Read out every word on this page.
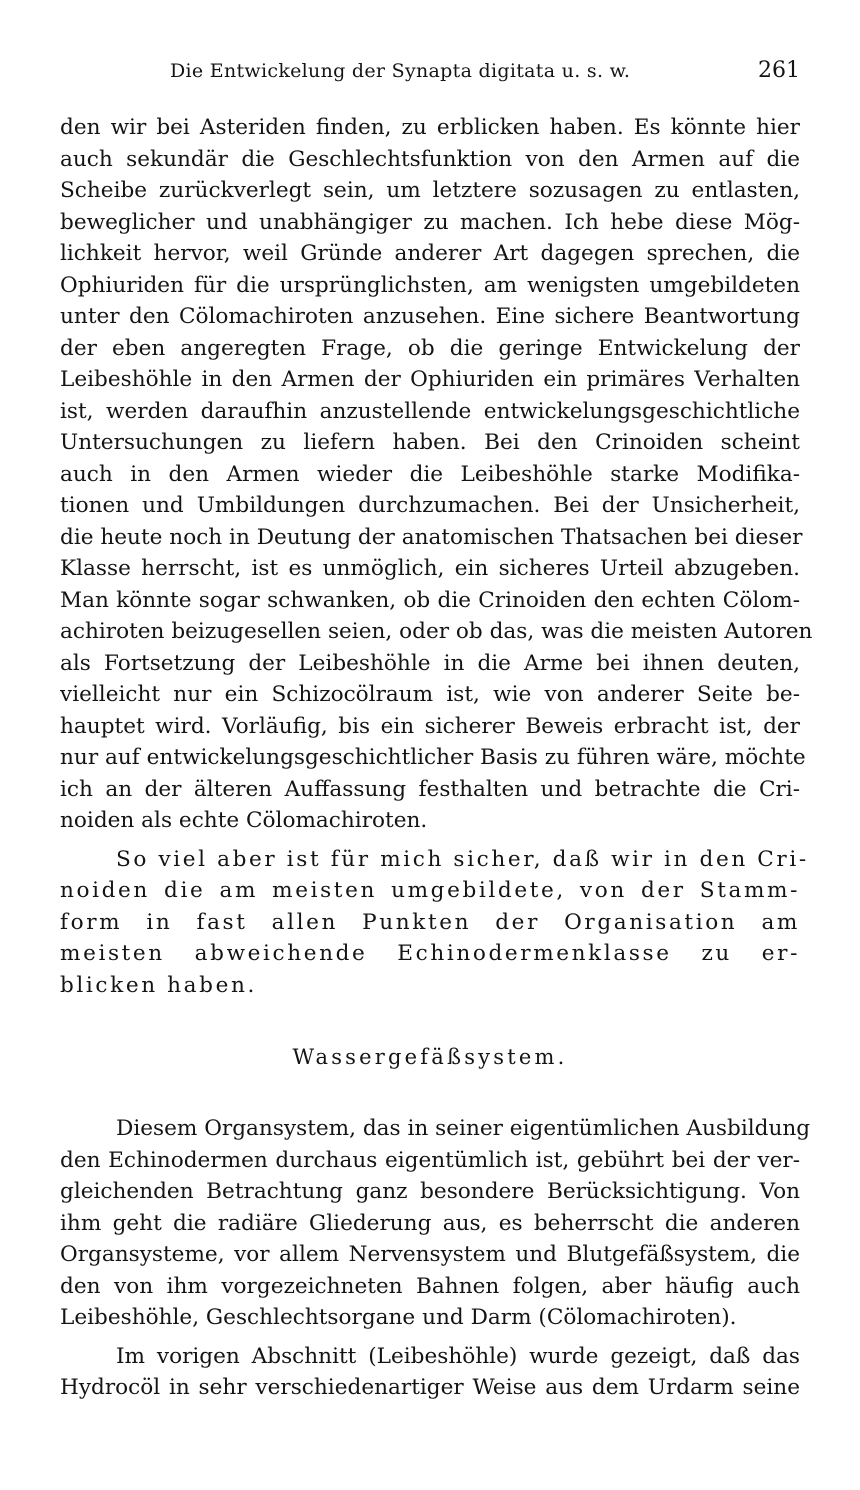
Die Entwickelung der Synapta digitata u. s. w.	261
den wir bei Asteriden finden, zu erblicken haben. Es könnte hier
auch sekundär die Geschlechtsfunktion von den Armen auf die
Scheibe zurückverlegt sein, um letztere sozusagen zu entlasten,
beweglicher und unabhängiger zu machen. Ich hebe diese Mög-
lichkeit hervor, weil Gründe anderer Art dagegen sprechen, die
Ophiuriden für die ursprünglichsten, am wenigsten umgebildeten
unter den Cölomachiroten anzusehen. Eine sichere Beantwortung
der eben angeregten Frage, ob die geringe Entwickelung der
Leibeshöhle in den Armen der Ophiuriden ein primäres Verhalten
ist, werden daraufhin anzustellende entwickelungsgeschichtliche
Untersuchungen zu liefern haben. Bei den Crinoiden scheint
auch in den Armen wieder die Leibeshöhle starke Modifika-
tionen und Umbildungen durchzumachen. Bei der Unsicherheit,
die heute noch in Deutung der anatomischen Thatsachen bei dieser
Klasse herrscht, ist es unmöglich, ein sicheres Urteil abzugeben.
Man könnte sogar schwanken, ob die Crinoiden den echten Cölom-
achiroten beizugesellen seien, oder ob das, was die meisten Autoren
als Fortsetzung der Leibeshöhle in die Arme bei ihnen deuten,
vielleicht nur ein Schizocölraum ist, wie von anderer Seite be-
hauptet wird. Vorläufig, bis ein sicherer Beweis erbracht ist, der
nur auf entwickelungsgeschichtlicher Basis zu führen wäre, möchte
ich an der älteren Auffassung festhalten und betrachte die Cri-
noiden als echte Cölomachiroten.
So viel aber ist für mich sicher, daß wir in den Cri-
noiden die am meisten umgebildete, von der Stamm-
form in fast allen Punkten der Organisation am
meisten abweichende Echinodermenklasse zu er-
blicken haben.
Wassergefäßsystem.
Diesem Organsystem, das in seiner eigentümlichen Ausbildung
den Echinodermen durchaus eigentümlich ist, gebührt bei der ver-
gleichenden Betrachtung ganz besondere Berücksichtigung. Von
ihm geht die radiäre Gliederung aus, es beherrscht die anderen
Organsysteme, vor allem Nervensystem und Blutgefäßsystem, die
den von ihm vorgezeichneten Bahnen folgen, aber häufig auch
Leibeshöhle, Geschlechtsorgane und Darm (Cölomachiroten).
Im vorigen Abschnitt (Leibeshöhle) wurde gezeigt, daß das
Hydrocöl in sehr verschiedenartiger Weise aus dem Urdarm seine
